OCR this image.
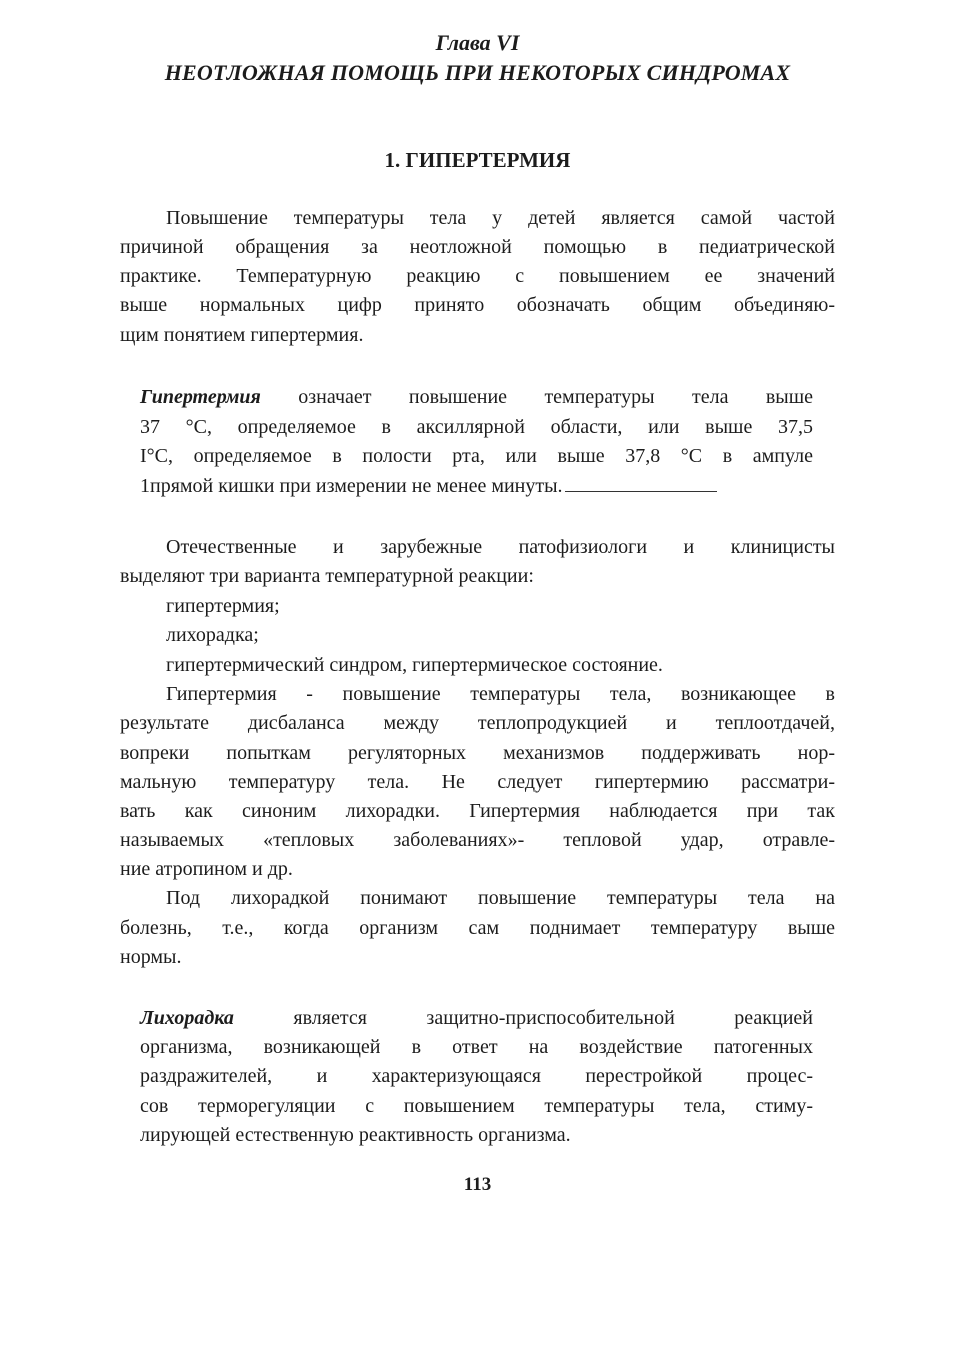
Глава VI
НЕОТЛОЖНАЯ ПОМОЩЬ ПРИ НЕКОТОРЫХ СИНДРОМАХ
1. ГИПЕРТЕРМИЯ

Повышение температуры тела у детей является самой частой

причиной обращения за неотложной помощью в педиатрической

практике. Температурную реакцию с повышением ее значений

выше нормальных цифр принято обозначать общим объединяю-

щим понятием гипертермия.

Гипертермия означает повышение температуры тела выше

37 °С, определяемое в аксиллярной области, или выше 37,5

I°С, определяемое в полости рта, или выше 37,8 °С в ампуле

1прямой кишки при измерении не менее минуты.

Отечественные и зарубежные патофизиологи и клиницисты

выделяют три варианта температурной реакции:

гипертермия;

лихорадка;

гипертермический синдром, гипертермическое состояние.

Гипертермия - повышение температуры тела, возникающее в

результате дисбаланса между теплопродукцией и теплоотдачей,

вопреки попыткам регуляторных механизмов поддерживать нор-

мальную температуру тела. Не следует гипертермию рассматри-

вать как синоним лихорадки. Гипертермия наблюдается при так

называемых «тепловых заболеваниях»- тепловой удар, отравле-

ние атропином и др.

Под лихорадкой понимают повышение температуры тела на

болезнь, т.е., когда организм сам поднимает температуру выше

нормы.

Лихорадка	является защитно-приспособительной реакцией

организма, возникающей в ответ на воздействие патогенных

раздражителей, и характеризующаяся перестройкой процес-

сов терморегуляции с повышением температуры тела, стиму-

лирующей естественную реактивность организма.

113
